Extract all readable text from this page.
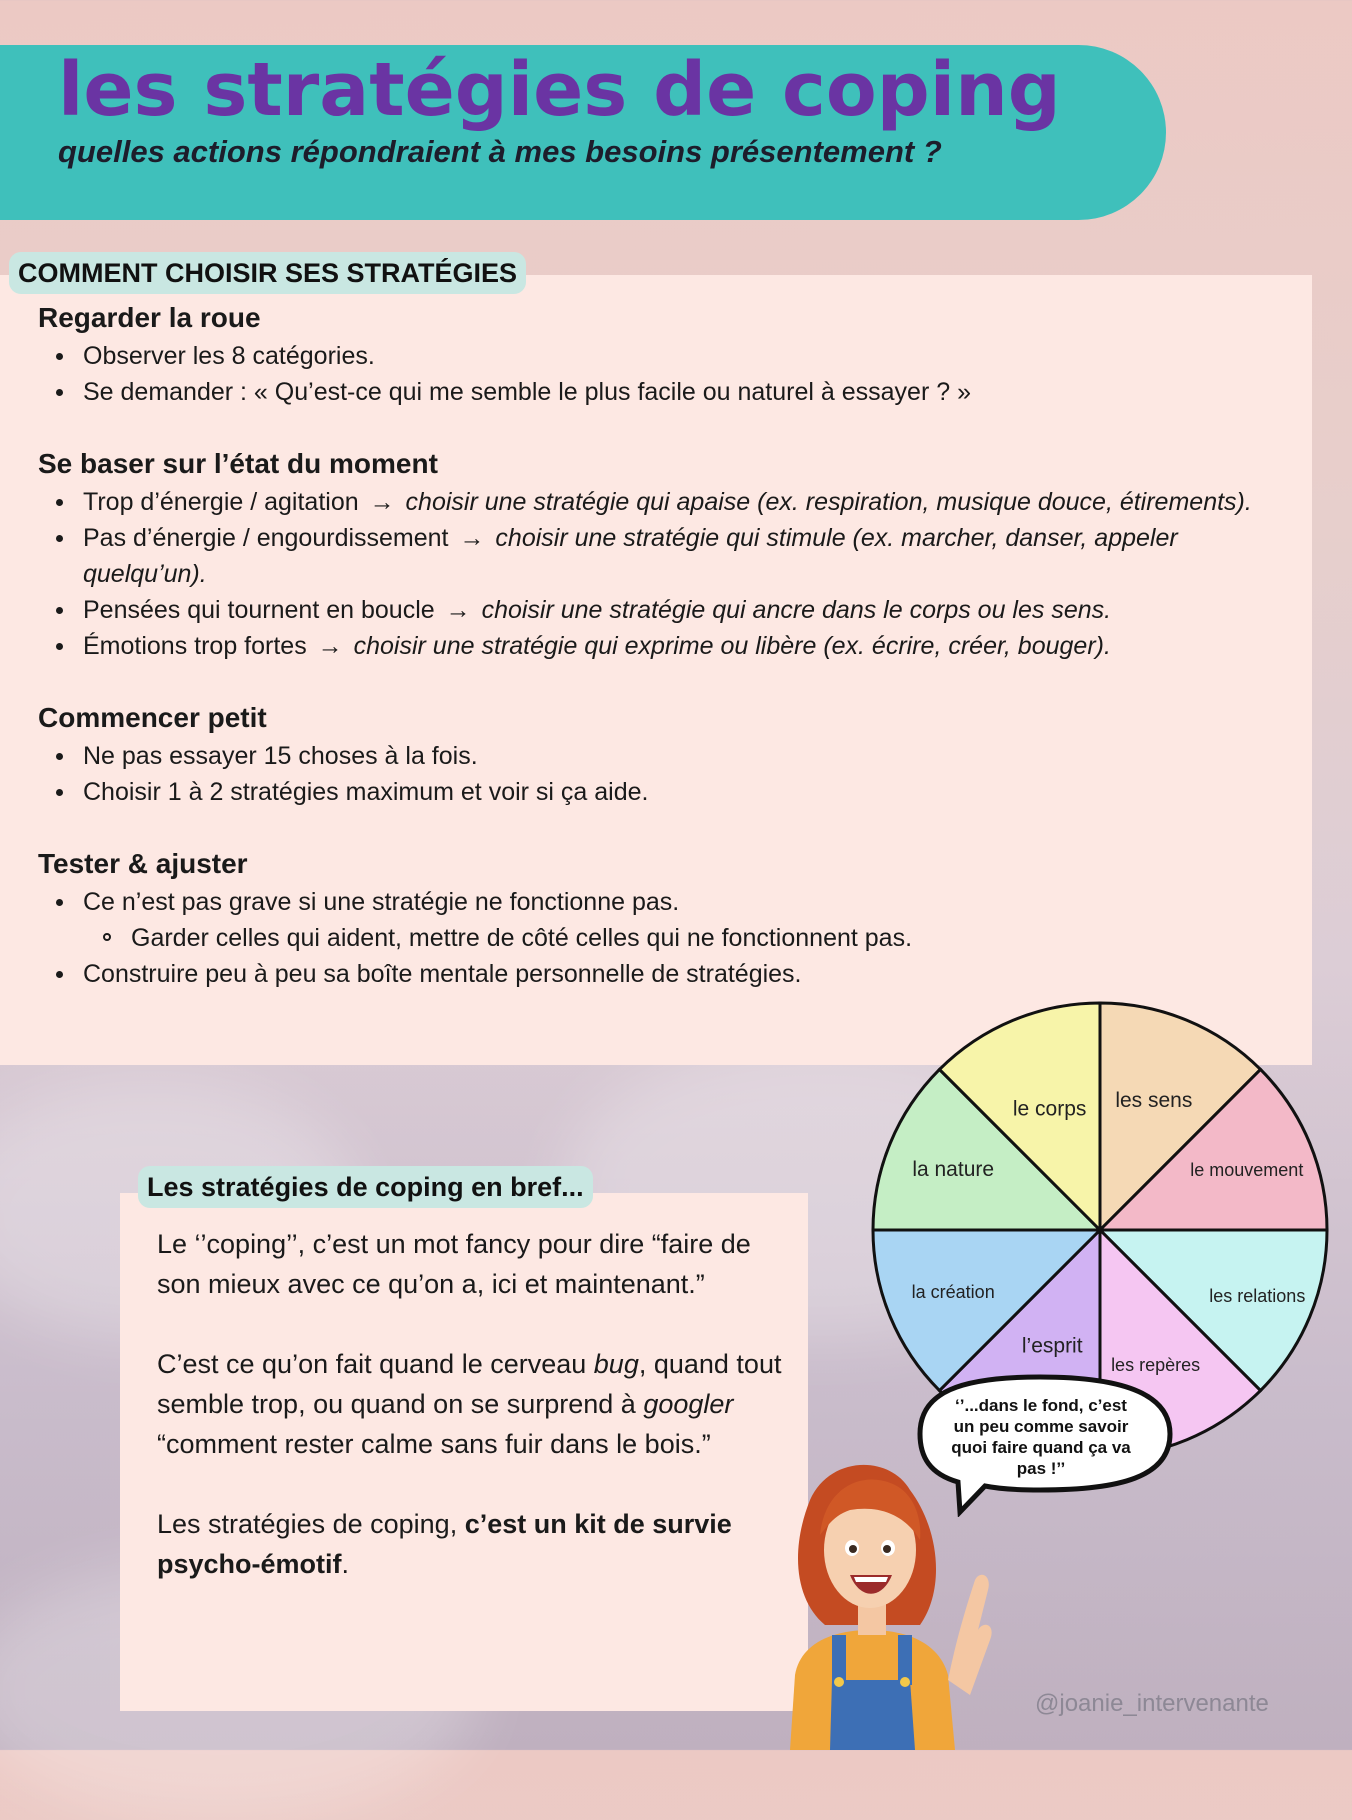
les stratégies de coping

quelles actions répondraient à mes besoins présentement ?

COMMENT CHOISIR SES STRATÉGIES
Regarder la roue
Observer les 8 catégories.
Se demander : « Qu’est-ce qui me semble le plus facile ou naturel à essayer ? »
Se baser sur l’état du moment
Trop d’énergie / agitation → choisir une stratégie qui apaise (ex. respiration, musique douce, étirements).
Pas d’énergie / engourdissement → choisir une stratégie qui stimule (ex. marcher, danser, appeler quelqu’un).
Pensées qui tournent en boucle → choisir une stratégie qui ancre dans le corps ou les sens.
Émotions trop fortes → choisir une stratégie qui exprime ou libère (ex. écrire, créer, bouger).
Commencer petit
Ne pas essayer 15 choses à la fois.
Choisir 1 à 2 stratégies maximum et voir si ça aide.
Tester & ajuster
Ce n’est pas grave si une stratégie ne fonctionne pas.
Garder celles qui aident, mettre de côté celles qui ne fonctionnent pas.
Construire peu à peu sa boîte mentale personnelle de stratégies.
les sens
le mouvement
les relations
les repères
l’esprit
la création
la nature
le corps
Les stratégies de coping en bref...

Le ‘’coping’’, c’est un mot fancy pour dire “faire de son mieux avec ce qu’on a, ici et maintenant.”

C’est ce qu’on fait quand le cerveau bug, quand tout semble trop, ou quand on se surprend à googler “comment rester calme sans fuir dans le bois.”

Les stratégies de coping, c’est un kit de survie psycho-émotif.

‘’...dans le fond, c’est un peu comme savoir quoi faire quand ça va pas !’’
@joanie_intervenante
